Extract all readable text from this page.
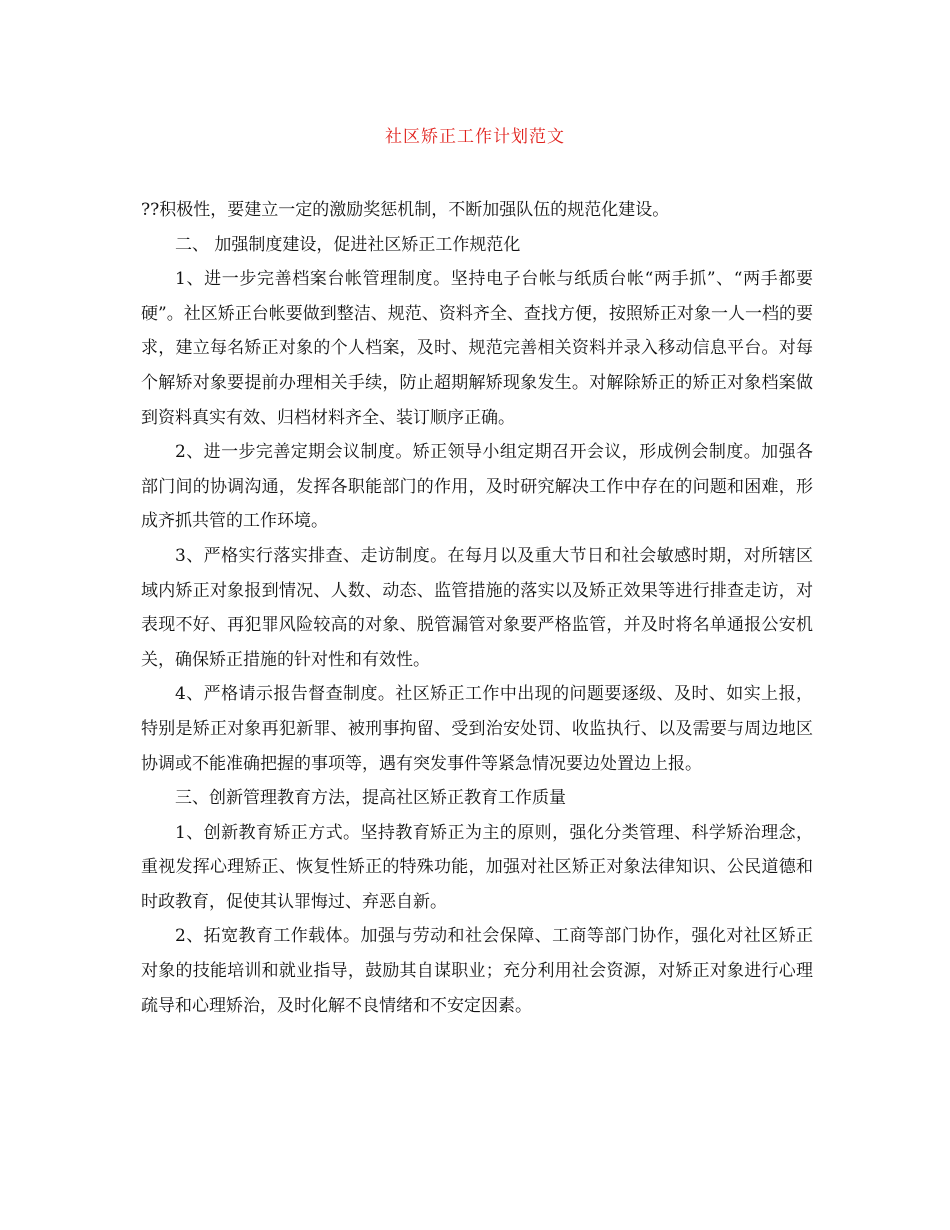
社区矫正工作计划范文

??积极性，要建立一定的激励奖惩机制，不断加强队伍的规范化建设。

二、 加强制度建设，促进社区矫正工作规范化

1、进一步完善档案台帐管理制度。坚持电子台帐与纸质台帐“两手抓”、“两手都要硬”。社区矫正台帐要做到整洁、规范、资料齐全、查找方便，按照矫正对象一人一档的要求，建立每名矫正对象的个人档案，及时、规范完善相关资料并录入移动信息平台。对每个解矫对象要提前办理相关手续，防止超期解矫现象发生。对解除矫正的矫正对象档案做到资料真实有效、归档材料齐全、装订顺序正确。

2、进一步完善定期会议制度。矫正领导小组定期召开会议，形成例会制度。加强各部门间的协调沟通，发挥各职能部门的作用，及时研究解决工作中存在的问题和困难，形成齐抓共管的工作环境。

3、严格实行落实排查、走访制度。在每月以及重大节日和社会敏感时期，对所辖区域内矫正对象报到情况、人数、动态、监管措施的落实以及矫正效果等进行排查走访，对表现不好、再犯罪风险较高的对象、脱管漏管对象要严格监管，并及时将名单通报公安机关，确保矫正措施的针对性和有效性。

4、严格请示报告督查制度。社区矫正工作中出现的问题要逐级、及时、如实上报，特别是矫正对象再犯新罪、被刑事拘留、受到治安处罚、收监执行、以及需要与周边地区协调或不能准确把握的事项等，遇有突发事件等紧急情况要边处置边上报。

三、创新管理教育方法，提高社区矫正教育工作质量

1、创新教育矫正方式。坚持教育矫正为主的原则，强化分类管理、科学矫治理念，重视发挥心理矫正、恢复性矫正的特殊功能，加强对社区矫正对象法律知识、公民道德和时政教育，促使其认罪悔过、弃恶自新。

2、拓宽教育工作载体。加强与劳动和社会保障、工商等部门协作，强化对社区矫正对象的技能培训和就业指导，鼓励其自谋职业；充分利用社会资源，对矫正对象进行心理疏导和心理矫治，及时化解不良情绪和不安定因素。
